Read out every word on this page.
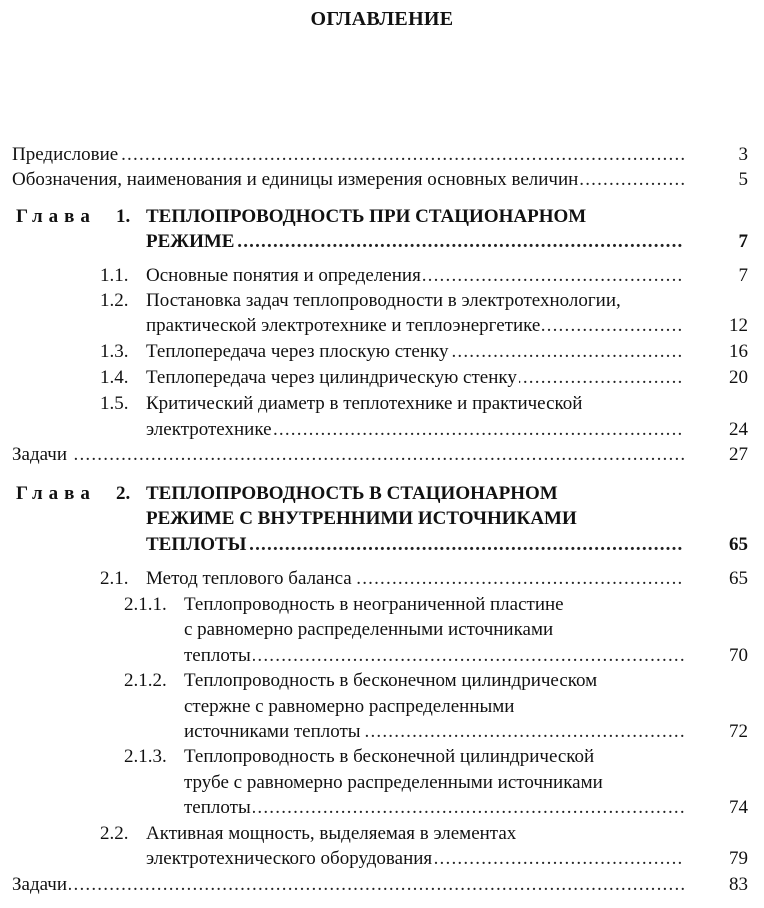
ОГЛАВЛЕНИЕ
.....
Предисловие	3
.....
Обозначения, наименования и единицы измерения основных величин	5
Глава 1. ТЕПЛОПРОВОДНОСТЬ ПРИ СТАЦИОНАРНОМ
.....
РЕЖИМЕ	7
1.1. ..... Основные понятия и определения	7
1.2. Постановка задач теплопроводности в электротехнологии,
.....
практической электротехнике и теплоэнергетике	12
1.3. ..... Теплопередача через плоскую стенку	16
1.4. ..... Теплопередача через цилиндрическую стенку	20
1.5. Критический диаметр в теплотехнике и практической
.....
электротехнике	24
.....
Задачи	27
Глава 2. ТЕПЛОПРОВОДНОСТЬ В СТАЦИОНАРНОМ
РЕЖИМЕ С ВНУТРЕННИМИ ИСТОЧНИКАМИ
.....
ТЕПЛОТЫ	65
2.1. ..... Метод теплового баланса	65
2.1.1. Теплопроводность в неограниченной пластине
с равномерно распределенными источниками
.....
теплоты	70
2.1.2. Теплопроводность в бесконечном цилиндрическом
стержне с равномерно распределенными
.....
источниками теплоты	72
2.1.3. Теплопроводность в бесконечной цилиндрической
трубе с равномерно распределенными источниками
.....
теплоты	74
2.2. Активная мощность, выделяемая в элементах
.....
электротехнического оборудования	79
.....
Задачи	83
